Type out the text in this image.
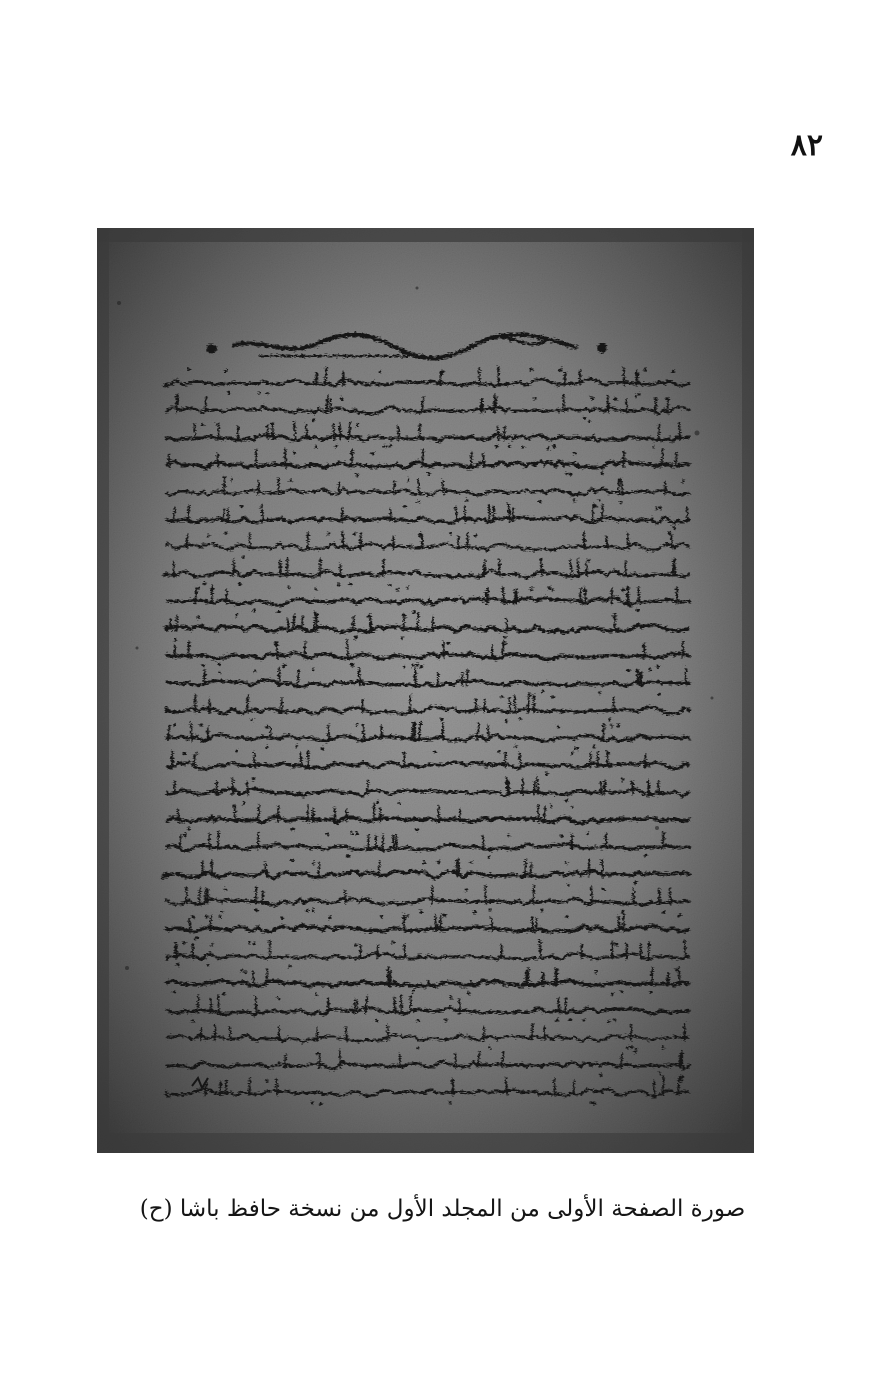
٨٢
صورة الصفحة الأولى من المجلد الأول من نسخة حافظ باشا (ح)
